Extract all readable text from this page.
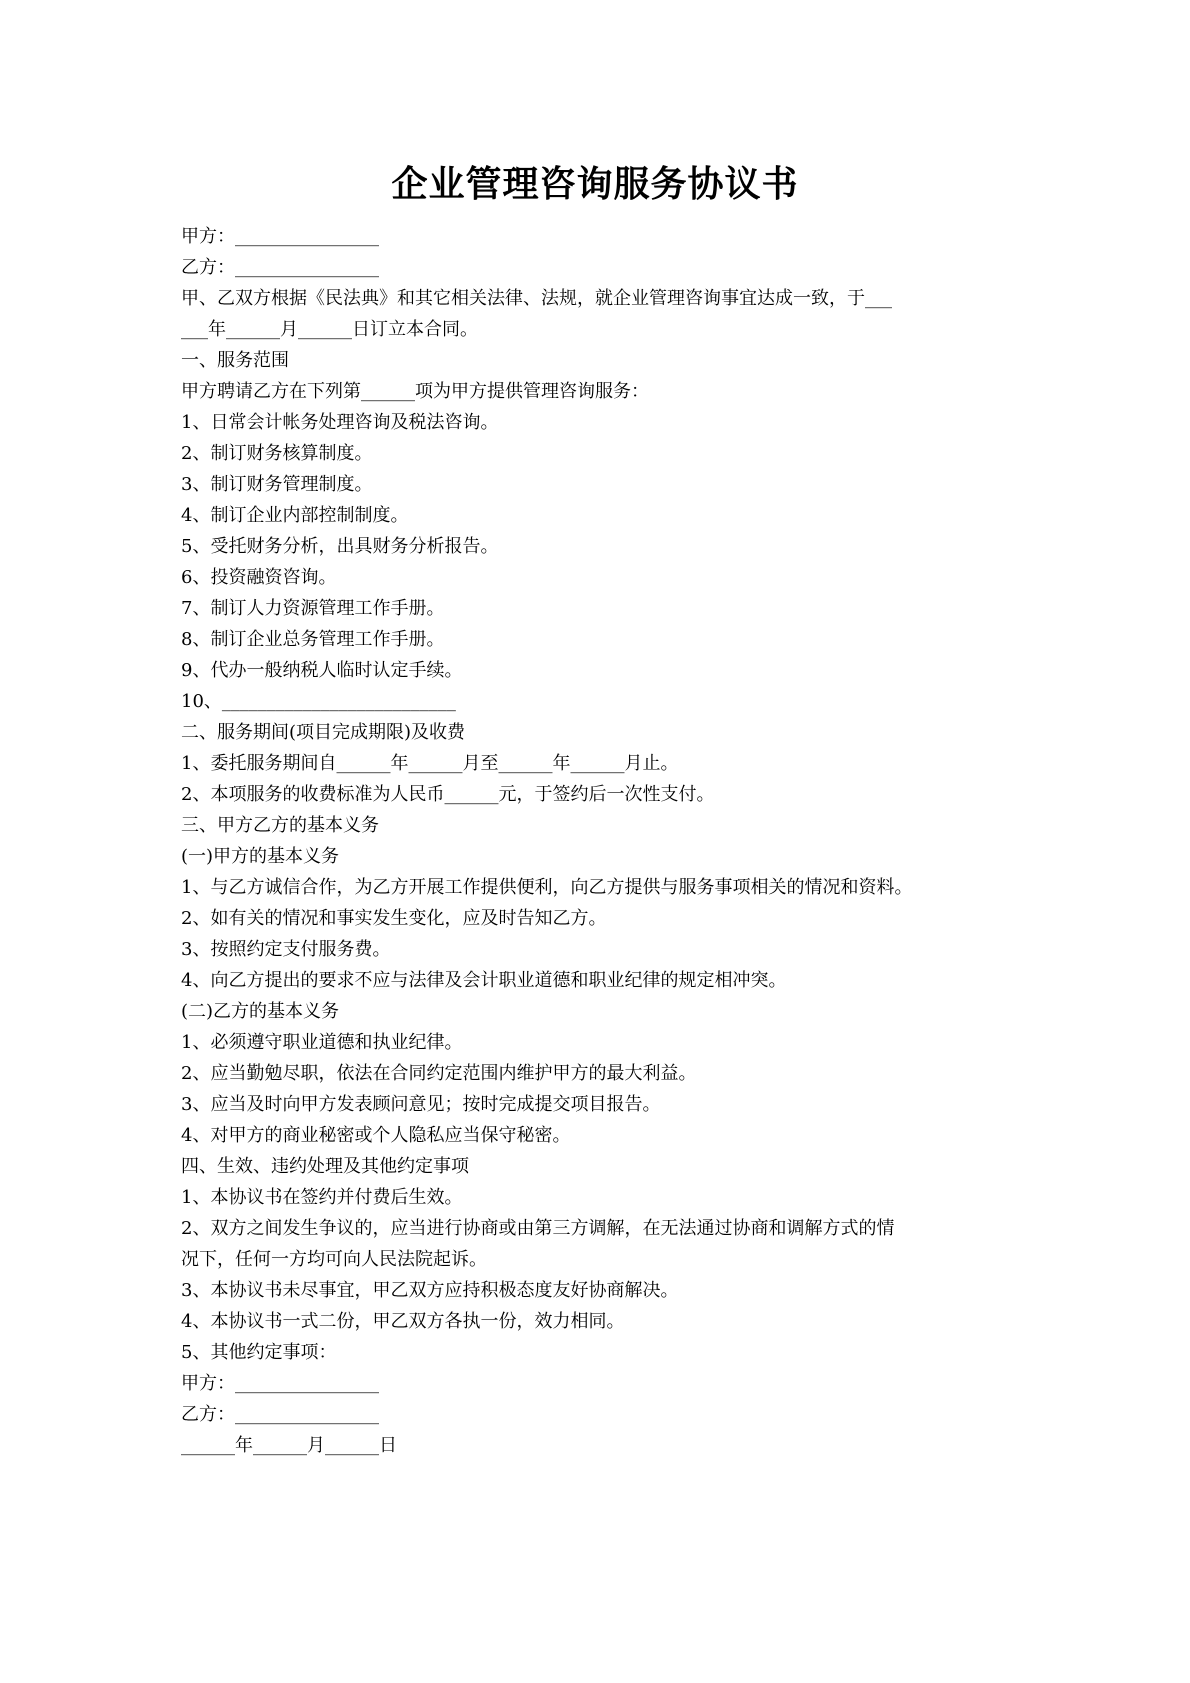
企业管理咨询服务协议书
甲方：________________
乙方：________________
甲、乙双方根据《民法典》和其它相关法律、法规，就企业管理咨询事宜达成一致，于___
___年______月______日订立本合同。
一、服务范围
甲方聘请乙方在下列第______项为甲方提供管理咨询服务：
1、日常会计帐务处理咨询及税法咨询。
2、制订财务核算制度。
3、制订财务管理制度。
4、制订企业内部控制制度。
5、受托财务分析，出具财务分析报告。
6、投资融资咨询。
7、制订人力资源管理工作手册。
8、制订企业总务管理工作手册。
9、代办一般纳税人临时认定手续。
10、__________________________
二、服务期间(项目完成期限)及收费
1、委托服务期间自______年______月至______年______月止。
2、本项服务的收费标准为人民币______元，于签约后一次性支付。
三、甲方乙方的基本义务
(一)甲方的基本义务
1、与乙方诚信合作，为乙方开展工作提供便利，向乙方提供与服务事项相关的情况和资料。
2、如有关的情况和事实发生变化，应及时告知乙方。
3、按照约定支付服务费。
4、向乙方提出的要求不应与法律及会计职业道德和职业纪律的规定相冲突。
(二)乙方的基本义务
1、必须遵守职业道德和执业纪律。
2、应当勤勉尽职，依法在合同约定范围内维护甲方的最大利益。
3、应当及时向甲方发表顾问意见；按时完成提交项目报告。
4、对甲方的商业秘密或个人隐私应当保守秘密。
四、生效、违约处理及其他约定事项
1、本协议书在签约并付费后生效。
2、双方之间发生争议的，应当进行协商或由第三方调解，在无法通过协商和调解方式的情
况下，任何一方均可向人民法院起诉。
3、本协议书未尽事宜，甲乙双方应持积极态度友好协商解决。
4、本协议书一式二份，甲乙双方各执一份，效力相同。
5、其他约定事项：
甲方：________________
乙方：________________
______年______月______日
